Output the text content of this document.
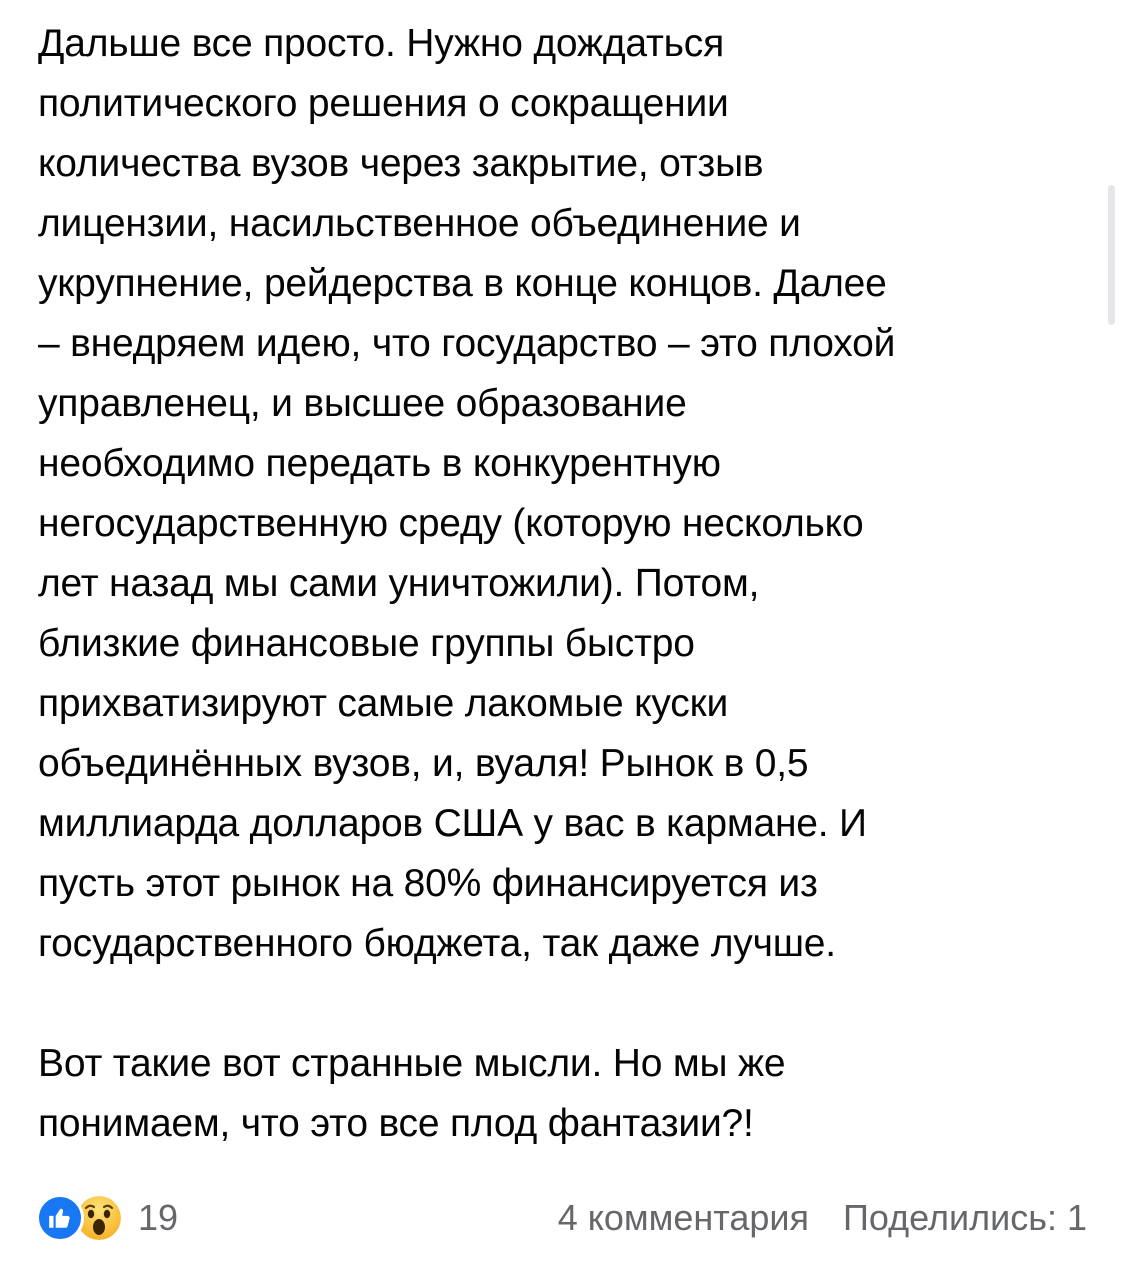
Дальше все просто. Нужно дождаться
политического решения о сокращении
количества вузов через закрытие, отзыв
лицензии, насильственное объединение и
укрупнение, рейдерства в конце концов. Далее
– внедряем идею, что государство – это плохой
управленец, и высшее образование
необходимо передать в конкурентную
негосударственную среду (которую несколько
лет назад мы сами уничтожили). Потом,
близкие финансовые группы быстро
прихватизируют самые лакомые куски
объединённых вузов, и, вуаля! Рынок в 0,5
миллиарда долларов США у вас в кармане. И
пусть этот рынок на 80% финансируется из
государственного бюджета, так даже лучше.
Вот такие вот странные мысли. Но мы же
понимаем, что это все плод фантазии?!

19	4 комментария Поделились: 1
